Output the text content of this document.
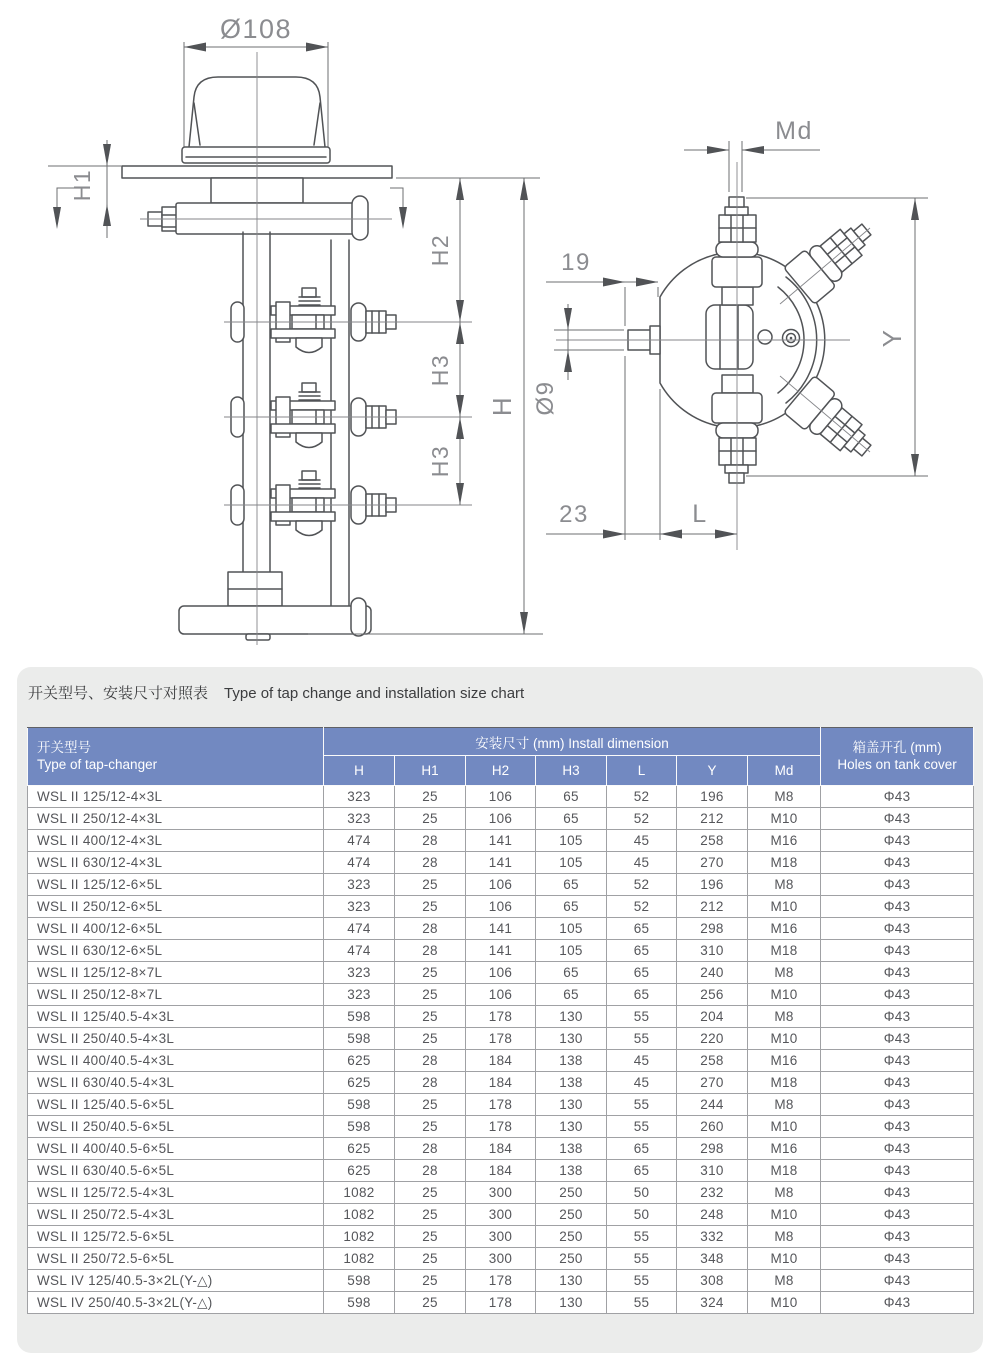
Ø108
H1
H2
H3
H3
H
Md
Y
19
Ø9
23	L
开关型号、安装尺寸对照表 Type of tap change and installation size chart
开关型号
Type of tap-changer
	安装尺寸 (mm) Install dimension	箱盖开孔 (mm)
Holes on tank cover

	H	H1	H2	H3	L	Y	Md	
WSL II 125/12-4×3L	323	25	106	65	52	196	M8	Φ43
WSL II 250/12-4×3L	323	25	106	65	52	212	M10	Φ43
WSL II 400/12-4×3L	474	28	141	105	45	258	M16	Φ43
WSL II 630/12-4×3L	474	28	141	105	45	270	M18	Φ43
WSL II 125/12-6×5L	323	25	106	65	52	196	M8	Φ43
WSL II 250/12-6×5L	323	25	106	65	52	212	M10	Φ43
WSL II 400/12-6×5L	474	28	141	105	65	298	M16	Φ43
WSL II 630/12-6×5L	474	28	141	105	65	310	M18	Φ43
WSL II 125/12-8×7L	323	25	106	65	65	240	M8	Φ43
WSL II 250/12-8×7L	323	25	106	65	65	256	M10	Φ43
WSL II 125/40.5-4×3L	598	25	178	130	55	204	M8	Φ43
WSL II 250/40.5-4×3L	598	25	178	130	55	220	M10	Φ43
WSL II 400/40.5-4×3L	625	28	184	138	45	258	M16	Φ43
WSL II 630/40.5-4×3L	625	28	184	138	45	270	M18	Φ43
WSL II 125/40.5-6×5L	598	25	178	130	55	244	M8	Φ43
WSL II 250/40.5-6×5L	598	25	178	130	55	260	M10	Φ43
WSL II 400/40.5-6×5L	625	28	184	138	65	298	M16	Φ43
WSL II 630/40.5-6×5L	625	28	184	138	65	310	M18	Φ43
WSL II 125/72.5-4×3L	1082	25	300	250	50	232	M8	Φ43
WSL II 250/72.5-4×3L	1082	25	300	250	50	248	M10	Φ43
WSL II 125/72.5-6×5L	1082	25	300	250	55	332	M8	Φ43
WSL II 250/72.5-6×5L	1082	25	300	250	55	348	M10	Φ43
WSL IV 125/40.5-3×2L(Y-△)	598	25	178	130	55	308	M8	Φ43
WSL IV 250/40.5-3×2L(Y-△)	598	25	178	130	55	324	M10	Φ43
